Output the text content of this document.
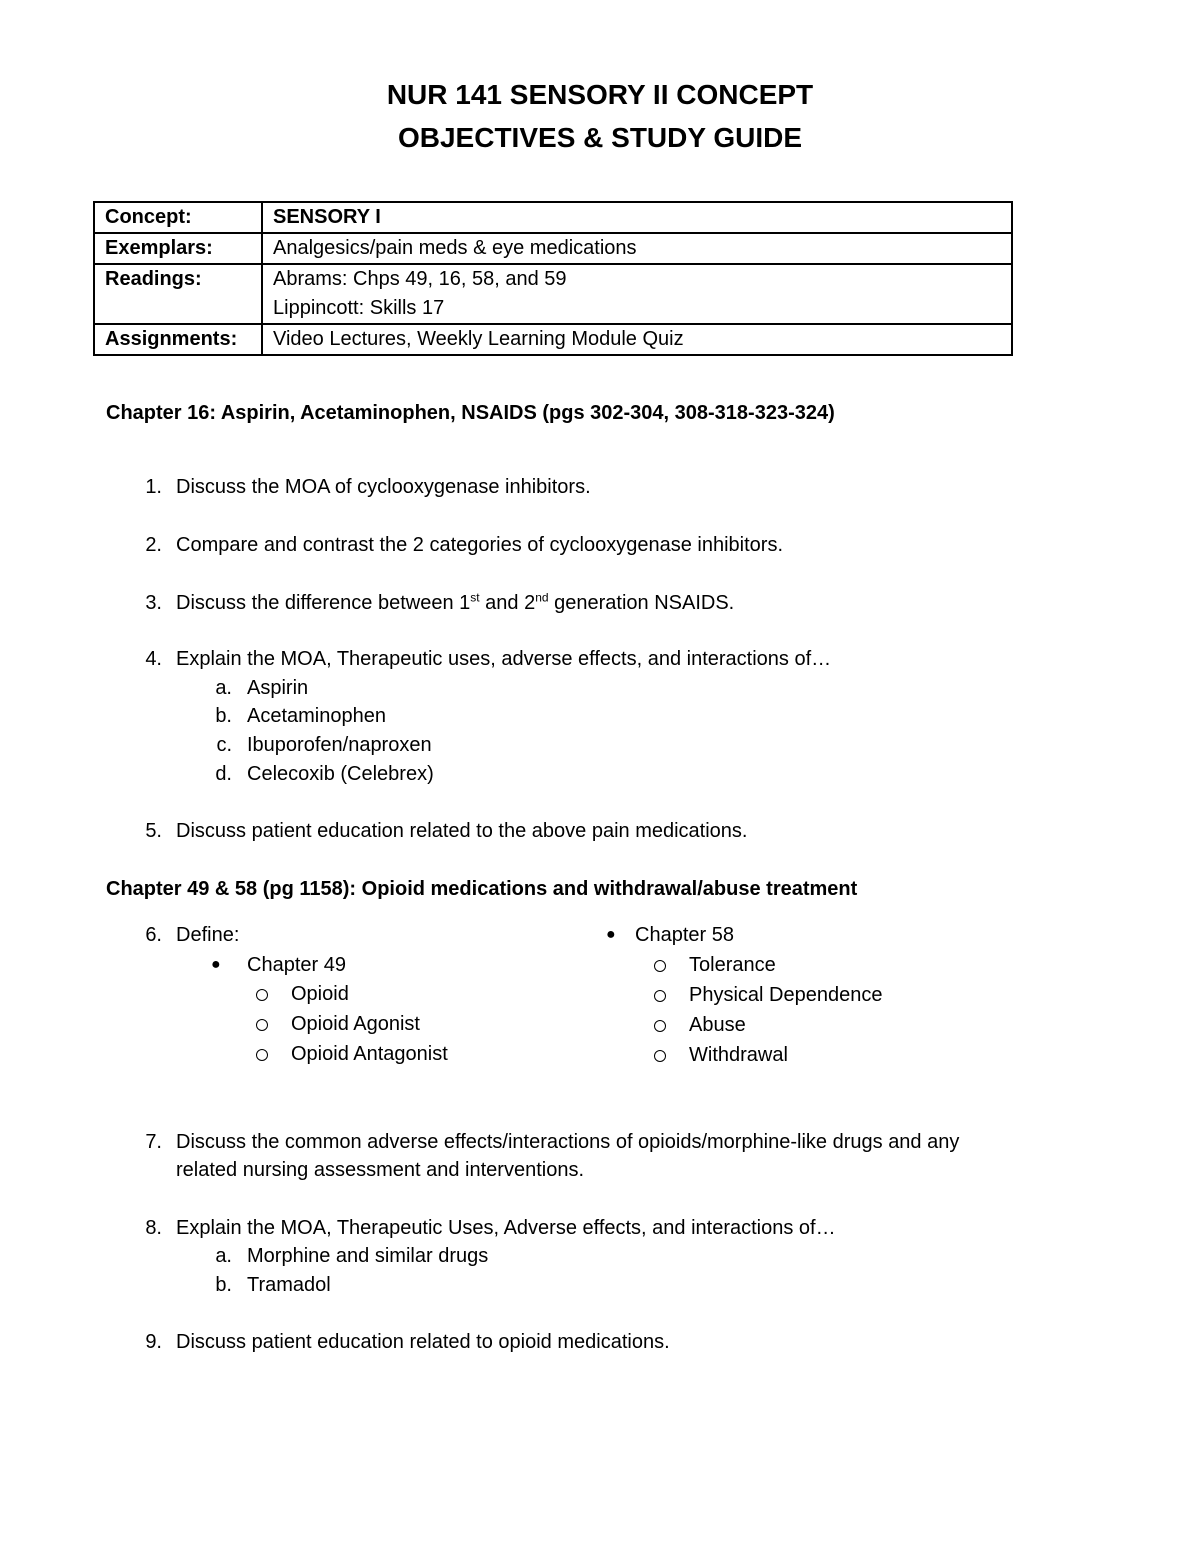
NUR 141 SENSORY II CONCEPT
OBJECTIVES & STUDY GUIDE
Concept:	SENSORY I
Exemplars:	Analgesics/pain meds & eye medications
Readings:	Abrams: Chps 49, 16, 58, and 59
Lippincott: Skills 17

Assignments:	Video Lectures, Weekly Learning Module Quiz
Chapter 16: Aspirin, Acetaminophen, NSAIDS (pgs 302-304, 308-318-323-324)
1. Discuss the MOA of cyclooxygenase inhibitors.
2. Compare and contrast the 2 categories of cyclooxygenase inhibitors.
3. Discuss the difference between 1st and 2nd generation NSAIDS.
4. Explain the MOA, Therapeutic uses, adverse effects, and interactions of…
a. Aspirin
b. Acetaminophen
c. Ibuporofen/naproxen
d. Celecoxib (Celebrex)
5. Discuss patient education related to the above pain medications.
Chapter 49 & 58 (pg 1158): Opioid medications and withdrawal/abuse treatment
6. Define:
● Chapter 49
Opioid
Opioid Agonist
Opioid Antagonist
● Chapter 58
Tolerance
Physical Dependence
Abuse
Withdrawal
7. Discuss the common adverse effects/interactions of opioids/morphine-like drugs and any
related nursing assessment and interventions.
8. Explain the MOA, Therapeutic Uses, Adverse effects, and interactions of…
a. Morphine and similar drugs
b. Tramadol
9. Discuss patient education related to opioid medications.
